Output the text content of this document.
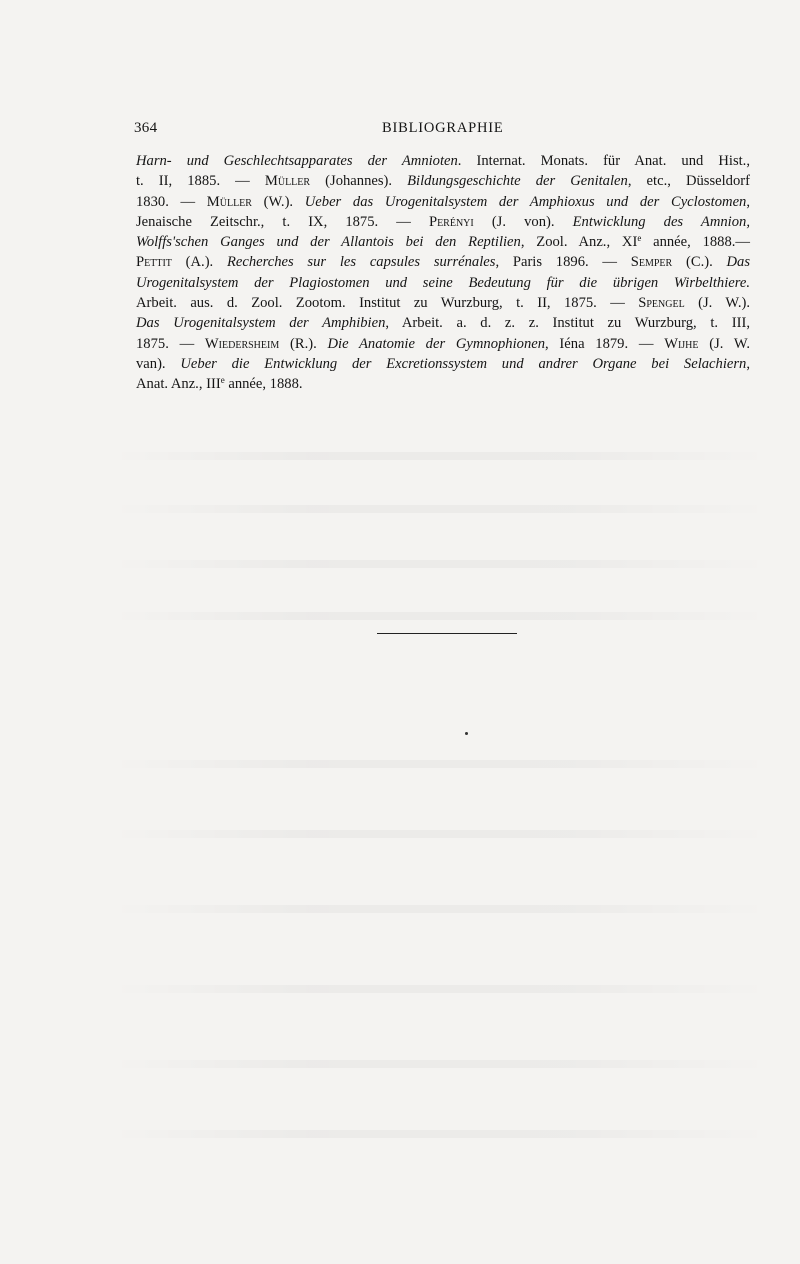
364	BIBLIOGRAPHIE
Harn- und Geschlechtsapparates der Amnioten. Internat. Monats. für Anat. und Hist.,
t. II, 1885. — Müller (Johannes). Bildungsgeschichte der Genitalen, etc., Düsseldorf
1830. — Müller (W.). Ueber das Urogenitalsystem der Amphioxus und der Cyclostomen,
Jenaische Zeitschr., t. IX, 1875. — Perényi (J. von). Entwicklung des Amnion,
Wolffs'schen Ganges und der Allantois bei den Reptilien, Zool. Anz., XIe année, 1888.—
Pettit (A.). Recherches sur les capsules surrénales, Paris 1896. — Semper (C.). Das
Urogenitalsystem der Plagiostomen und seine Bedeutung für die übrigen Wirbelthiere.
Arbeit. aus. d. Zool. Zootom. Institut zu Wurzburg, t. II, 1875. — Spengel (J. W.).
Das Urogenitalsystem der Amphibien, Arbeit. a. d. z. z. Institut zu Wurzburg, t. III,
1875. — Wiedersheim (R.). Die Anatomie der Gymnophionen, Iéna 1879. — Wijhe (J. W.
van). Ueber die Entwicklung der Excretionssystem und andrer Organe bei Selachiern,
Anat. Anz., IIIe année, 1888.
